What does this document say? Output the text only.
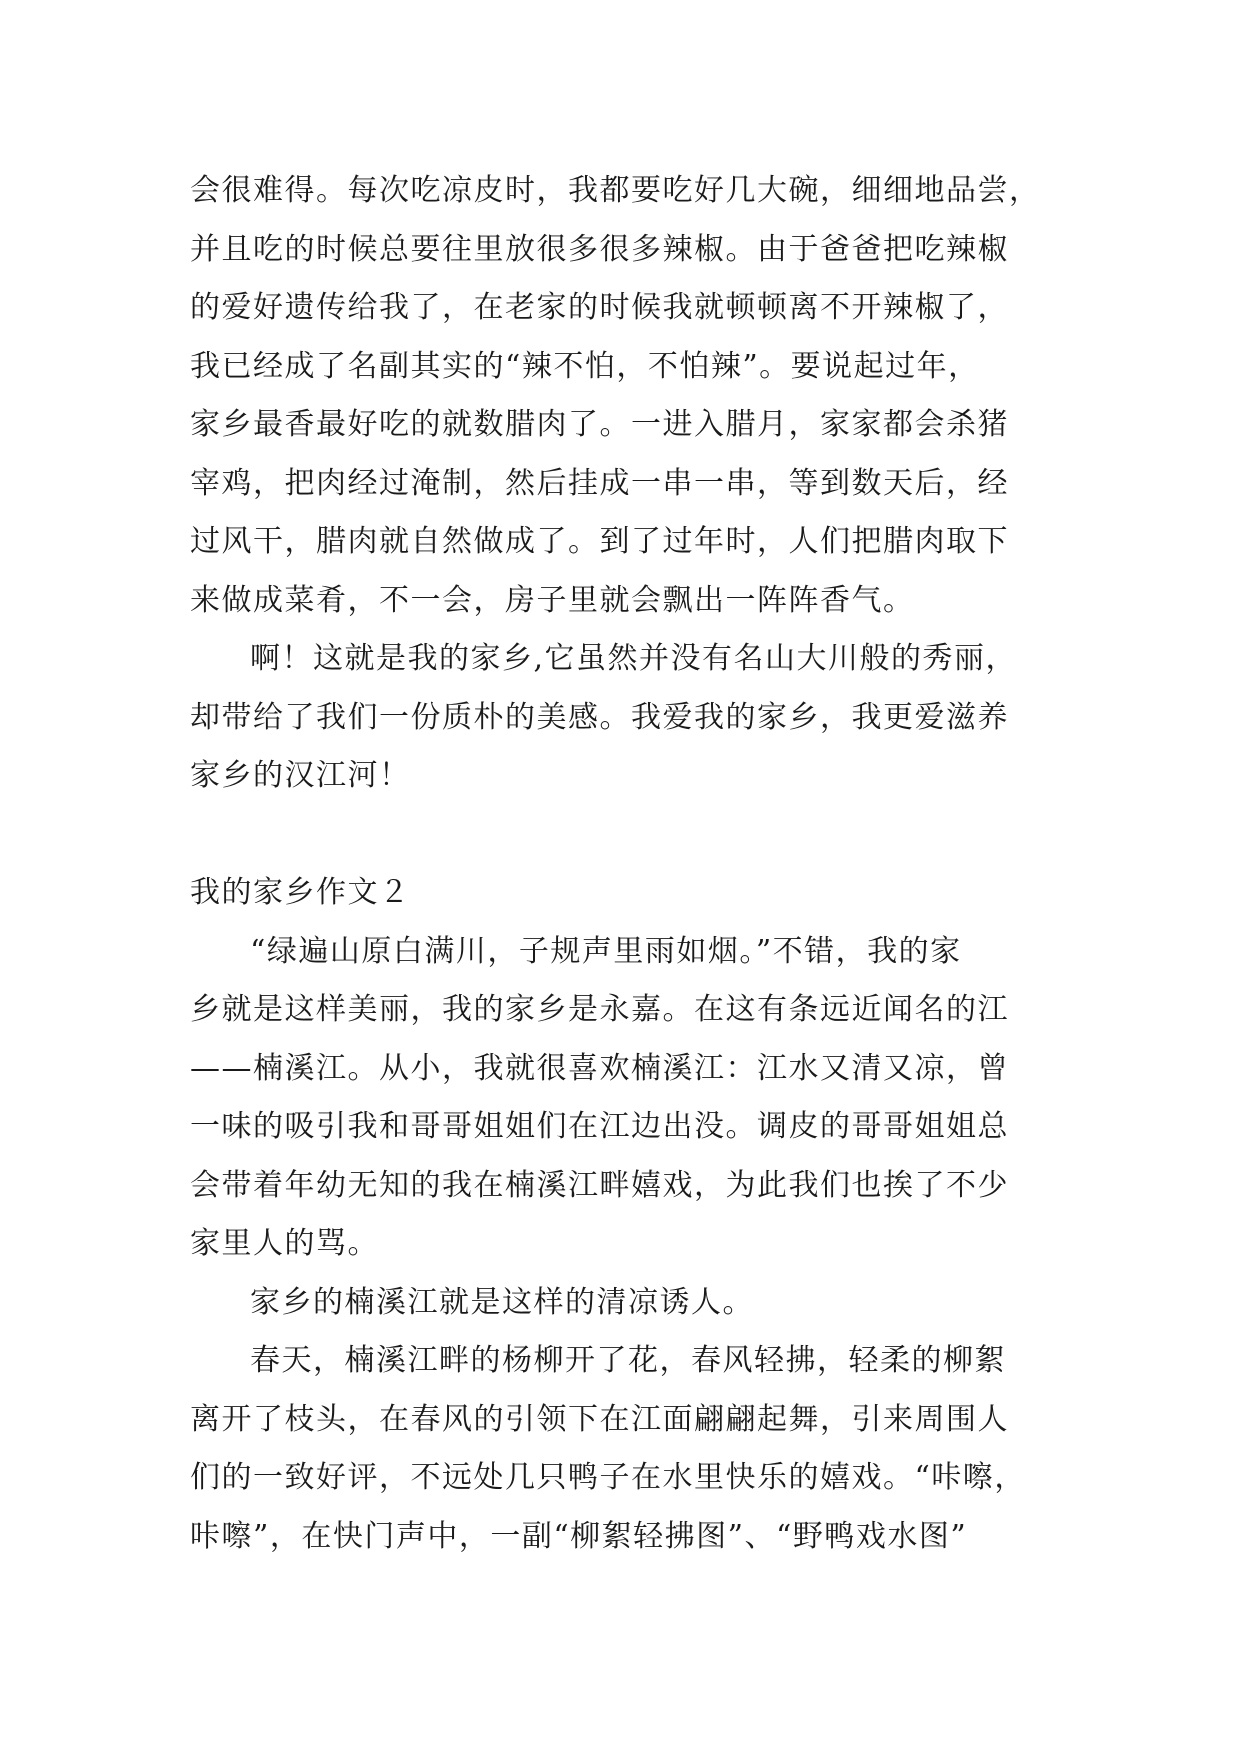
会很难得。每次吃凉皮时，我都要吃好几大碗，细细地品尝，
并且吃的时候总要往里放很多很多辣椒。由于爸爸把吃辣椒
的爱好遗传给我了，在老家的时候我就顿顿离不开辣椒了，
我已经成了名副其实的“辣不怕，不怕辣”。要说起过年，
家乡最香最好吃的就数腊肉了。一进入腊月，家家都会杀猪
宰鸡，把肉经过淹制，然后挂成一串一串，等到数天后，经
过风干，腊肉就自然做成了。到了过年时，人们把腊肉取下
来做成菜肴，不一会，房子里就会飘出一阵阵香气。
啊！这就是我的家乡,它虽然并没有名山大川般的秀丽，
却带给了我们一份质朴的美感。我爱我的家乡，我更爱滋养
家乡的汉江河！
我的家乡作文２
“绿遍山原白满川，子规声里雨如烟。”不错，我的家
乡就是这样美丽，我的家乡是永嘉。在这有条远近闻名的江
——楠溪江。从小，我就很喜欢楠溪江：江水又清又凉，曾
一味的吸引我和哥哥姐姐们在江边出没。调皮的哥哥姐姐总
会带着年幼无知的我在楠溪江畔嬉戏，为此我们也挨了不少
家里人的骂。
家乡的楠溪江就是这样的清凉诱人。
春天，楠溪江畔的杨柳开了花，春风轻拂，轻柔的柳絮
离开了枝头，在春风的引领下在江面翩翩起舞，引来周围人
们的一致好评，不远处几只鸭子在水里快乐的嬉戏。“咔嚓，
咔嚓”，在快门声中，一副“柳絮轻拂图”、“野鸭戏水图”
